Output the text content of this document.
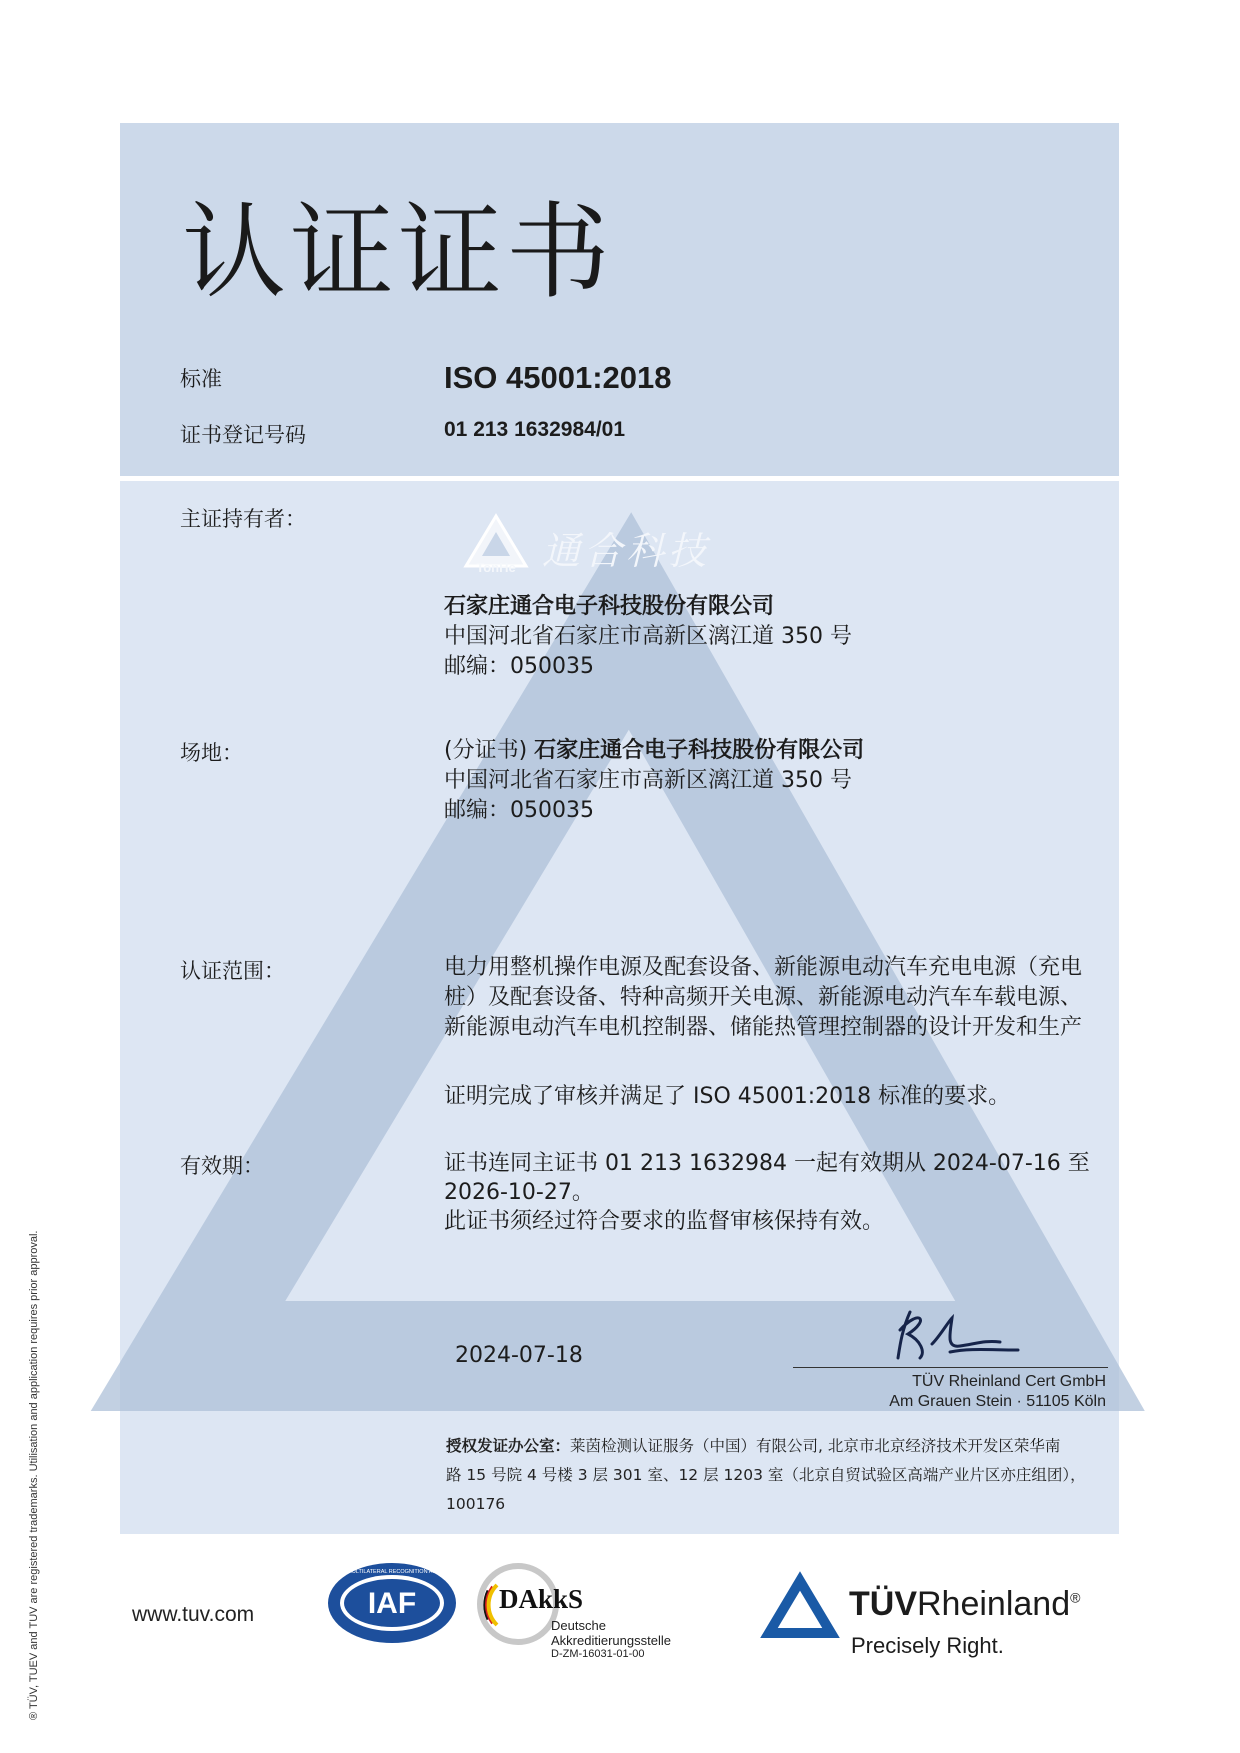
认证证书
标准	ISO 45001:2018
证书登记号码	01 213 1632984/01
主证持有者：
TonHe 通合科技
石家庄通合电子科技股份有限公司
中国河北省石家庄市高新区漓江道 350 号
邮编：050035
场地：	(分证书) 石家庄通合电子科技股份有限公司
中国河北省石家庄市高新区漓江道 350 号
邮编：050035
认证范围：	电力用整机操作电源及配套设备、新能源电动汽车充电电源（充电
桩）及配套设备、特种高频开关电源、新能源电动汽车车载电源、
新能源电动汽车电机控制器、储能热管理控制器的设计开发和生产
证明完成了审核并满足了 ISO 45001:2018 标准的要求。
有效期：	证书连同主证书 01 213 1632984 一起有效期从 2024-07-16 至
2026-10-27。
此证书须经过符合要求的监督审核保持有效。
2024-07-18
TÜV Rheinland Cert GmbH
Am Grauen Stein · 51105 Köln
授权发证办公室：莱茵检测认证服务（中国）有限公司, 北京市北京经济技术开发区荣华南
路 15 号院 4 号楼 3 层 301 室、12 层 1203 室（北京自贸试验区高端产业片区亦庄组团），
100176
www.tuv.com	IAF
MEMBER OF MULTILATERAL RECOGNITION ARRANGEMENT
DAkkS
Deutsche
Akkreditierungsstelle
D-ZM-16031-01-00
TÜVRheinland®
Precisely Right.
® TÜV, TUEV and TUV are registered trademarks. Utilisation and application requires prior approval.
